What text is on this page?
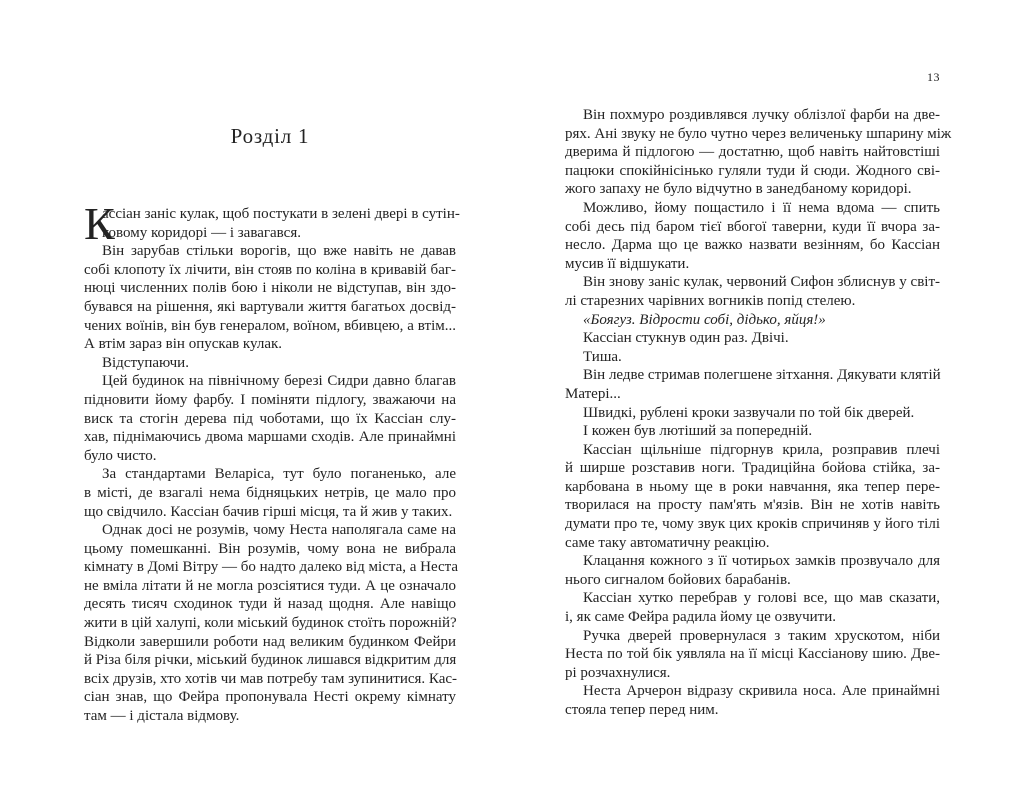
Розділ 1
К
ассіан заніс кулак, щоб постукати в зелені двері в сутін-
ковому коридорі — і завагався.
Він зарубав стільки ворогів, що вже навіть не давав
собі клопоту їх лічити, він стояв по коліна в кривавій баг-
нюці численних полів бою і ніколи не відступав, він здо-
бувався на рішення, які вартували життя багатьох досвід-
чених воїнів, він був генералом, воїном, вбивцею, а втім...
А втім зараз він опускав кулак.
Відступаючи.
Цей будинок на північному березі Сидри давно благав
підновити йому фарбу. І поміняти підлогу, зважаючи на
виск та стогін дерева під чоботами, що їх Кассіан слу-
хав, піднімаючись двома маршами сходів. Але принаймні
було чисто.
За стандартами Веларіса, тут було поганенько, але
в місті, де взагалі нема бідняцьких нетрів, це мало про
що свідчило. Кассіан бачив гірші місця, та й жив у таких.
Однак досі не розумів, чому Неста наполягала саме на
цьому помешканні. Він розумів, чому вона не вибрала
кімнату в Домі Вітру — бо надто далеко від міста, а Неста
не вміла літати й не могла розсіятися туди. А це означало
десять тисяч сходинок туди й назад щодня. Але навіщо
жити в цій халупі, коли міський будинок стоїть порожній?
Відколи завершили роботи над великим будинком Фейри
й Різа біля річки, міський будинок лишався відкритим для
всіх друзів, хто хотів чи мав потребу там зупинитися. Кас-
сіан знав, що Фейра пропонувала Несті окрему кімнату
там — і дістала відмову.
13
Він похмуро роздивлявся лучку облізлої фарби на две-
рях. Ані звуку не було чутно через величеньку шпарину між
дверима й підлогою — достатню, щоб навіть найтовстіші
пацюки спокійнісінько гуляли туди й сюди. Жодного сві-
жого запаху не було відчутно в занедбаному коридорі.
Можливо, йому пощастило і її нема вдома — спить
собі десь під баром тієї вбогої таверни, куди її вчора за-
несло. Дарма що це важко назвати везінням, бо Кассіан
мусив її відшукати.
Він знову заніс кулак, червоний Сифон зблиснув у світ-
лі старезних чарівних вогників попід стелею.
«Боягуз. Відрости собі, дідько, яйця!»
Кассіан стукнув один раз. Двічі.
Тиша.
Він ледве стримав полегшене зітхання. Дякувати клятій
Матері...
Швидкі, рублені кроки зазвучали по той бік дверей.
І кожен був лютіший за попередній.
Кассіан щільніше підгорнув крила, розправив плечі
й ширше розставив ноги. Традиційна бойова стійка, за-
карбована в ньому ще в роки навчання, яка тепер пере-
творилася на просту пам'ять м'язів. Він не хотів навіть
думати про те, чому звук цих кроків спричиняв у його тілі
саме таку автоматичну реакцію.
Клацання кожного з її чотирьох замків прозвучало для
нього сигналом бойових барабанів.
Кассіан хутко перебрав у голові все, що мав сказати,
і, як саме Фейра радила йому це озвучити.
Ручка дверей провернулася з таким хрускотом, ніби
Неста по той бік уявляла на її місці Кассіанову шию. Две-
рі розчахнулися.
Неста Арчерон відразу скривила носа. Але принаймні
стояла тепер перед ним.
